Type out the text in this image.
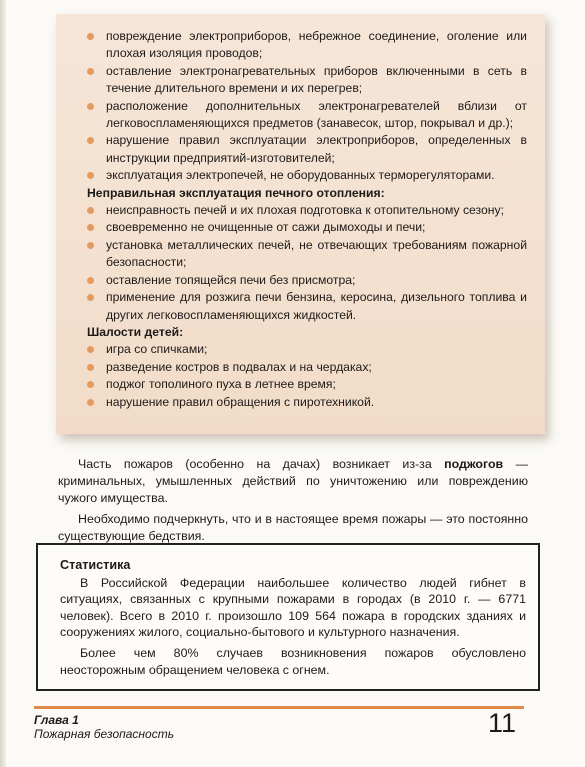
повреждение электроприборов, небрежное соединение, оголение или плохая изоляция проводов;
оставление электронагревательных приборов включенными в сеть в течение длительного времени и их перегрев;
расположение дополнительных электронагревателей вблизи от легковоспламеняющихся предметов (занавесок, штор, покрывал и др.);
нарушение правил эксплуатации электроприборов, определенных в инструкции предприятий-изготовителей;
эксплуатация электропечей, не оборудованных терморегуляторами.

Неправильная эксплуатация печного отопления:

неисправность печей и их плохая подготовка к отопительному сезону;
своевременно не очищенные от сажи дымоходы и печи;
установка металлических печей, не отвечающих требованиям пожарной безопасности;
оставление топящейся печи без присмотра;
применение для розжига печи бензина, керосина, дизельного топлива и других легковоспламеняющихся жидкостей.

Шалости детей:

игра со спичками;
разведение костров в подвалах и на чердаках;
поджог тополиного пуха в летнее время;
нарушение правил обращения с пиротехникой.

Часть пожаров (особенно на дачах) возникает из-за поджогов — криминальных, умышленных действий по уничтожению или повреждению чужого имущества.

Необходимо подчеркнуть, что и в настоящее время пожары — это постоянно существующие бедствия.

Статистика

В Российской Федерации наибольшее количество людей гибнет в ситуациях, связанных с крупными пожарами в городах (в 2010 г. — 6771 человек). Всего в 2010 г. произошло 109 564 пожара в городских зданиях и сооружениях жилого, социально-бытового и культурного назначения.

Более чем 80% случаев возникновения пожаров обусловлено неосторожным обращением человека с огнем.

Глава 1
Пожарная безопасность	11
